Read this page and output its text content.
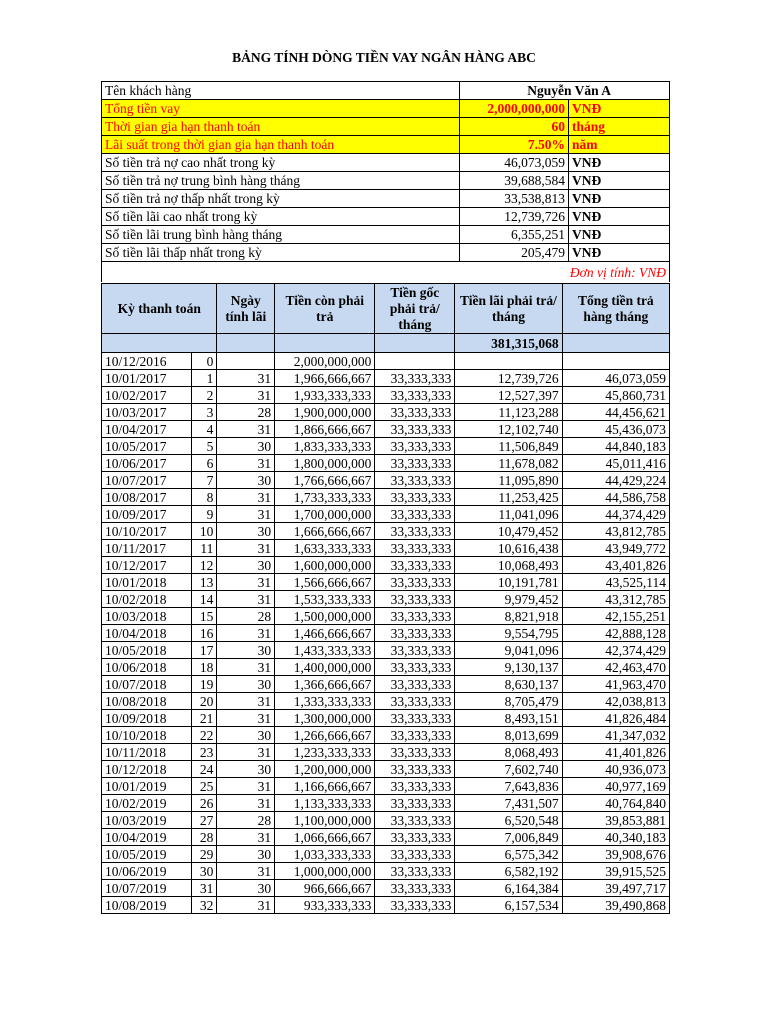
BẢNG TÍNH DÒNG TIỀN VAY NGÂN HÀNG ABC
Tên khách hàng	Nguyễn Văn A	
Tổng tiền vay	2,000,000,000	VNĐ
Thời gian gia hạn thanh toán	60	tháng
Lãi suất trong thời gian gia hạn thanh toán	7.50%	năm
Số tiền trả nợ cao nhất trong kỳ	46,073,059	VNĐ
Số tiền trả nợ trung bình hàng tháng	39,688,584	VNĐ
Số tiền trả nợ thấp nhất trong kỳ	33,538,813	VNĐ
Số tiền lãi cao nhất trong kỳ	12,739,726	VNĐ
Số tiền lãi trung bình hàng tháng	6,355,251	VNĐ
Số tiền lãi thấp nhất trong kỳ	205,479	VNĐ
Đơn vị tính: VNĐ		
Kỳ thanh toán		Ngày tính lãi	Tiền còn phải trả	Tiền gốc phải trả/ tháng	Tiền lãi phải trả/ tháng	Tổng tiền trả hàng tháng
					381,315,068	
10/12/2016	0		2,000,000,000			
10/01/2017	1	31	1,966,666,667	33,333,333	12,739,726	46,073,059
10/02/2017	2	31	1,933,333,333	33,333,333	12,527,397	45,860,731
10/03/2017	3	28	1,900,000,000	33,333,333	11,123,288	44,456,621
10/04/2017	4	31	1,866,666,667	33,333,333	12,102,740	45,436,073
10/05/2017	5	30	1,833,333,333	33,333,333	11,506,849	44,840,183
10/06/2017	6	31	1,800,000,000	33,333,333	11,678,082	45,011,416
10/07/2017	7	30	1,766,666,667	33,333,333	11,095,890	44,429,224
10/08/2017	8	31	1,733,333,333	33,333,333	11,253,425	44,586,758
10/09/2017	9	31	1,700,000,000	33,333,333	11,041,096	44,374,429
10/10/2017	10	30	1,666,666,667	33,333,333	10,479,452	43,812,785
10/11/2017	11	31	1,633,333,333	33,333,333	10,616,438	43,949,772
10/12/2017	12	30	1,600,000,000	33,333,333	10,068,493	43,401,826
10/01/2018	13	31	1,566,666,667	33,333,333	10,191,781	43,525,114
10/02/2018	14	31	1,533,333,333	33,333,333	9,979,452	43,312,785
10/03/2018	15	28	1,500,000,000	33,333,333	8,821,918	42,155,251
10/04/2018	16	31	1,466,666,667	33,333,333	9,554,795	42,888,128
10/05/2018	17	30	1,433,333,333	33,333,333	9,041,096	42,374,429
10/06/2018	18	31	1,400,000,000	33,333,333	9,130,137	42,463,470
10/07/2018	19	30	1,366,666,667	33,333,333	8,630,137	41,963,470
10/08/2018	20	31	1,333,333,333	33,333,333	8,705,479	42,038,813
10/09/2018	21	31	1,300,000,000	33,333,333	8,493,151	41,826,484
10/10/2018	22	30	1,266,666,667	33,333,333	8,013,699	41,347,032
10/11/2018	23	31	1,233,333,333	33,333,333	8,068,493	41,401,826
10/12/2018	24	30	1,200,000,000	33,333,333	7,602,740	40,936,073
10/01/2019	25	31	1,166,666,667	33,333,333	7,643,836	40,977,169
10/02/2019	26	31	1,133,333,333	33,333,333	7,431,507	40,764,840
10/03/2019	27	28	1,100,000,000	33,333,333	6,520,548	39,853,881
10/04/2019	28	31	1,066,666,667	33,333,333	7,006,849	40,340,183
10/05/2019	29	30	1,033,333,333	33,333,333	6,575,342	39,908,676
10/06/2019	30	31	1,000,000,000	33,333,333	6,582,192	39,915,525
10/07/2019	31	30	966,666,667	33,333,333	6,164,384	39,497,717
10/08/2019	32	31	933,333,333	33,333,333	6,157,534	39,490,868
